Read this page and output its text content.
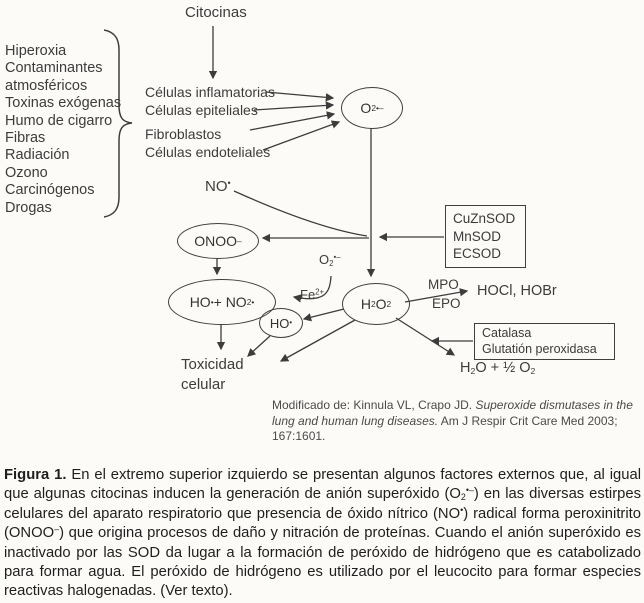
Citocinas
Hiperoxia
Contaminantes
atmosféricos
Toxinas exógenas
Humo de cigarro
Fibras
Radiación
Ozono
Carcinógenos
Drogas
Células inflamatorias
Células epiteliales
Fibroblastos
Células endoteliales
NO•
O 2 •–
ONOO –
HO • + NO 2 •
HO •
H 2 O 2
$O_2^{•-}$
$Fe^{2+}$
CuZnSOD
MnSOD
ECSOD
MPO
EPO
HOCl, HOBr
Catalasa
Glutatión peroxidasa
$H_2O$ + ½ $O_2$
Toxicidad
celular
Modificado de: Kinnula VL, Crapo JD. Superoxide dismutases in the lung and human lung diseases. Am J Respir Crit Care Med 2003; 167:1601.
Figura 1. En el extremo superior izquierdo se presentan algunos factores externos que, al igual que algunas citocinas inducen la generación de anión superóxido $(O_2^{•-})$ en las diversas estirpes celulares del aparato respiratorio que presencia de óxido nítrico (NO•) radical forma peroxinitrito (ONOO–) que origina procesos de daño y nitración de proteínas. Cuando el anión superóxido es inactivado por las SOD da lugar a la formación de peróxido de hidrógeno que es catabolizado para formar agua. El peróxido de hidrógeno es utilizado por el leucocito para formar especies reactivas halogenadas. (Ver texto).
